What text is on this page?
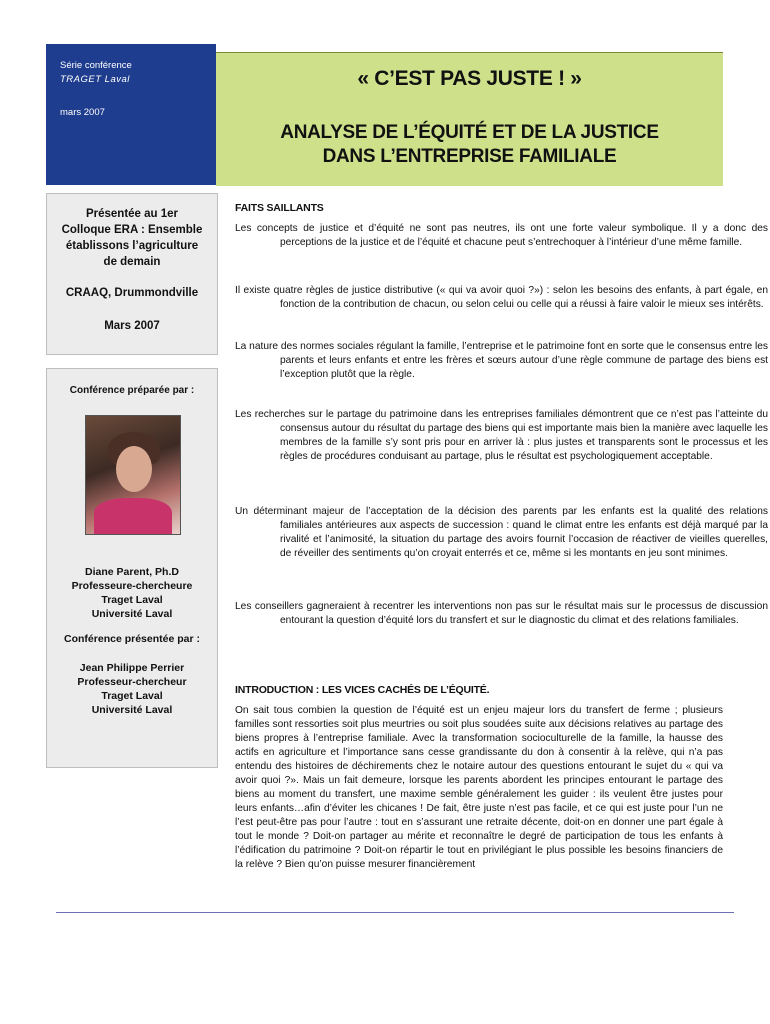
Série conférence
TRAGET Laval
mars 2007
« C’EST PAS JUSTE ! »
ANALYSE DE L’ÉQUITÉ ET DE LA JUSTICE
DANS L’ENTREPRISE FAMILIALE
Présentée au 1er
Colloque ERA : Ensemble
établissons l’agriculture
de demain
CRAAQ, Drummondville
Mars 2007
Conférence préparée par :
Diane Parent, Ph.D
Professeure-chercheure
Traget Laval
Université Laval
Conférence présentée par :
Jean Philippe Perrier
Professeur-chercheur
Traget Laval
Université Laval
FAITS SAILLANTS
Les concepts de justice et d’équité ne sont pas neutres, ils ont une forte valeur symbolique. Il y a donc des perceptions de la justice et de l’équité et chacune peut s’entrechoquer à l’intérieur d’une même famille.
Il existe quatre règles de justice distributive (« qui va avoir quoi ?») : selon les besoins des enfants, à part égale, en fonction de la contribution de chacun, ou selon celui ou celle qui a réussi à faire valoir le mieux ses intérêts.
La nature des normes sociales régulant la famille, l’entreprise et le patrimoine font en sorte que le consensus entre les parents et leurs enfants et entre les frères et sœurs autour d’une règle commune de partage des biens est l’exception plutôt que la règle.
Les recherches sur le partage du patrimoine dans les entreprises familiales démontrent que ce n’est pas l’atteinte du consensus autour du résultat du partage des biens qui est importante mais bien la manière avec laquelle les membres de la famille s’y sont pris pour en arriver là : plus justes et transparents sont le processus et les règles de procédures conduisant au partage, plus le résultat est psychologiquement acceptable.
Un déterminant majeur de l’acceptation de la décision des parents par les enfants est la qualité des relations familiales antérieures aux aspects de succession : quand le climat entre les enfants est déjà marqué par la rivalité et l’animosité, la situation du partage des avoirs fournit l’occasion de réactiver de vieilles querelles, de réveiller des sentiments qu’on croyait enterrés et ce, même si les montants en jeu sont minimes.
Les conseillers gagneraient à recentrer les interventions non pas sur le résultat mais sur le processus de discussion entourant la question d’équité lors du transfert et sur le diagnostic du climat et des relations familiales.
INTRODUCTION : LES VICES CACHÉS DE L’ÉQUITÉ.
On sait tous combien la question de l’équité est un enjeu majeur lors du transfert de ferme ; plusieurs familles sont ressorties soit plus meurtries ou soit plus soudées suite aux décisions relatives au partage des biens propres à l’entreprise familiale. Avec la transformation socioculturelle de la famille, la hausse des actifs en agriculture et l’importance sans cesse grandissante du don à consentir à la relève, qui n’a pas entendu des histoires de déchirements chez le notaire autour des questions entourant le sujet du « qui va avoir quoi ?». Mais un fait demeure, lorsque les parents abordent les principes entourant le partage des biens au moment du transfert, une maxime semble généralement les guider : ils veulent être justes pour leurs enfants…afin d’éviter les chicanes ! De fait, être juste n’est pas facile, et ce qui est juste pour l’un ne l’est peut-être pas pour l’autre : tout en s’assurant une retraite décente, doit-on en donner une part égale à tout le monde ? Doit-on partager au mérite et reconnaître le degré de participation de tous les enfants à l’édification du patrimoine ? Doit-on répartir le tout en privilégiant le plus possible les besoins financiers de la relève ? Bien qu’on puisse mesurer financièrement
